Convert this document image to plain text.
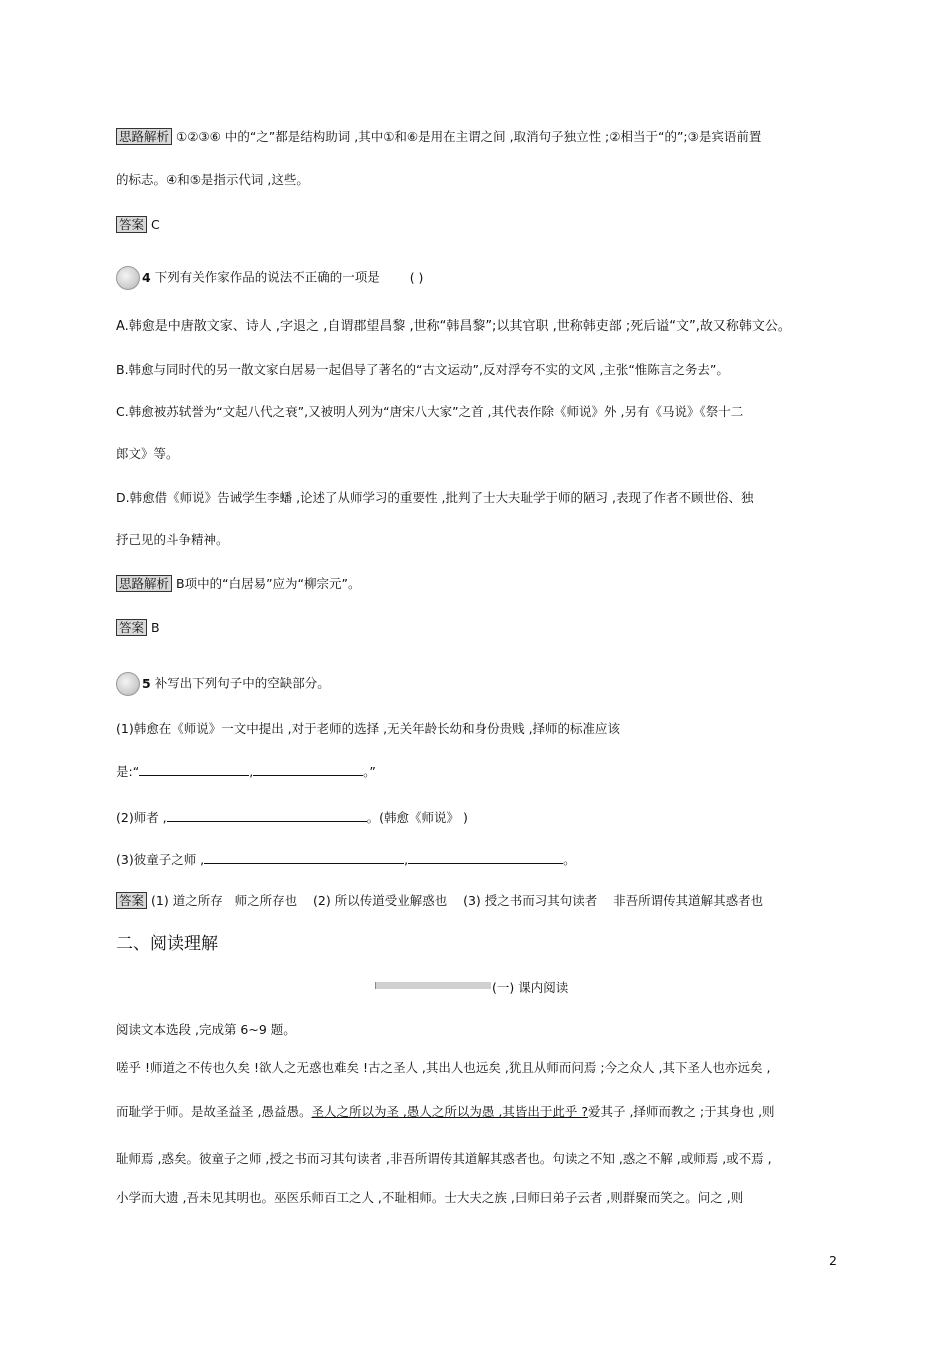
思路解析 ①②③⑥ 中的“之”都是结构助词 ,其中①和⑥是用在主谓之间 ,取消句子独立性 ;②相当于“的”;③是宾语前置
的标志。④和⑤是指示代词 ,这些。
答案 C
4 下列有关作家作品的说法不正确的一项是 ( )
A.韩愈是中唐散文家、诗人 ,字退之 ,自谓郡望昌黎 ,世称“韩昌黎”;以其官职 ,世称韩吏部 ;死后谥“文”,故又称韩文公。
B.韩愈与同时代的另一散文家白居易一起倡导了著名的“古文运动”,反对浮夸不实的文风 ,主张“惟陈言之务去”。
C.韩愈被苏轼誉为“文起八代之衰”,又被明人列为“唐宋八大家”之首 ,其代表作除《师说》外 ,另有《马说》《祭十二
郎文》等。
D.韩愈借《师说》告诫学生李蟠 ,论述了从师学习的重要性 ,批判了士大夫耻学于师的陋习 ,表现了作者不顾世俗、独
抒己见的斗争精神。
思路解析 B项中的“白居易”应为“柳宗元”。
答案 B
5 补写出下列句子中的空缺部分。
(1)韩愈在《师说》一文中提出 ,对于老师的选择 ,无关年龄长幼和身份贵贱 ,择师的标准应该
是:“	,	。”
(2)师者 ,	。(韩愈《师说》 )
(3)彼童子之师 ,	,	。
答案 (1) 道之所存   师之所存也    (2) 所以传道受业解惑也    (3) 授之书而习其句读者    非吾所谓传其道解其惑者也
二、阅读理解
(一) 课内阅读
阅读文本选段 ,完成第 6~9 题。
嗟乎 !师道之不传也久矣 !欲人之无惑也难矣 !古之圣人 ,其出人也远矣 ,犹且从师而问焉 ;今之众人 ,其下圣人也亦远矣 ,
而耻学于师。是故圣益圣 ,愚益愚。圣人之所以为圣 ,愚人之所以为愚 ,其皆出于此乎 ?爱其子 ,择师而教之 ;于其身也 ,则
耻师焉 ,惑矣。彼童子之师 ,授之书而习其句读者 ,非吾所谓传其道解其惑者也。句读之不知 ,惑之不解 ,或师焉 ,或不焉 ,
小学而大遗 ,吾未见其明也。巫医乐师百工之人 ,不耻相师。士大夫之族 ,曰师曰弟子云者 ,则群聚而笑之。问之 ,则
2
